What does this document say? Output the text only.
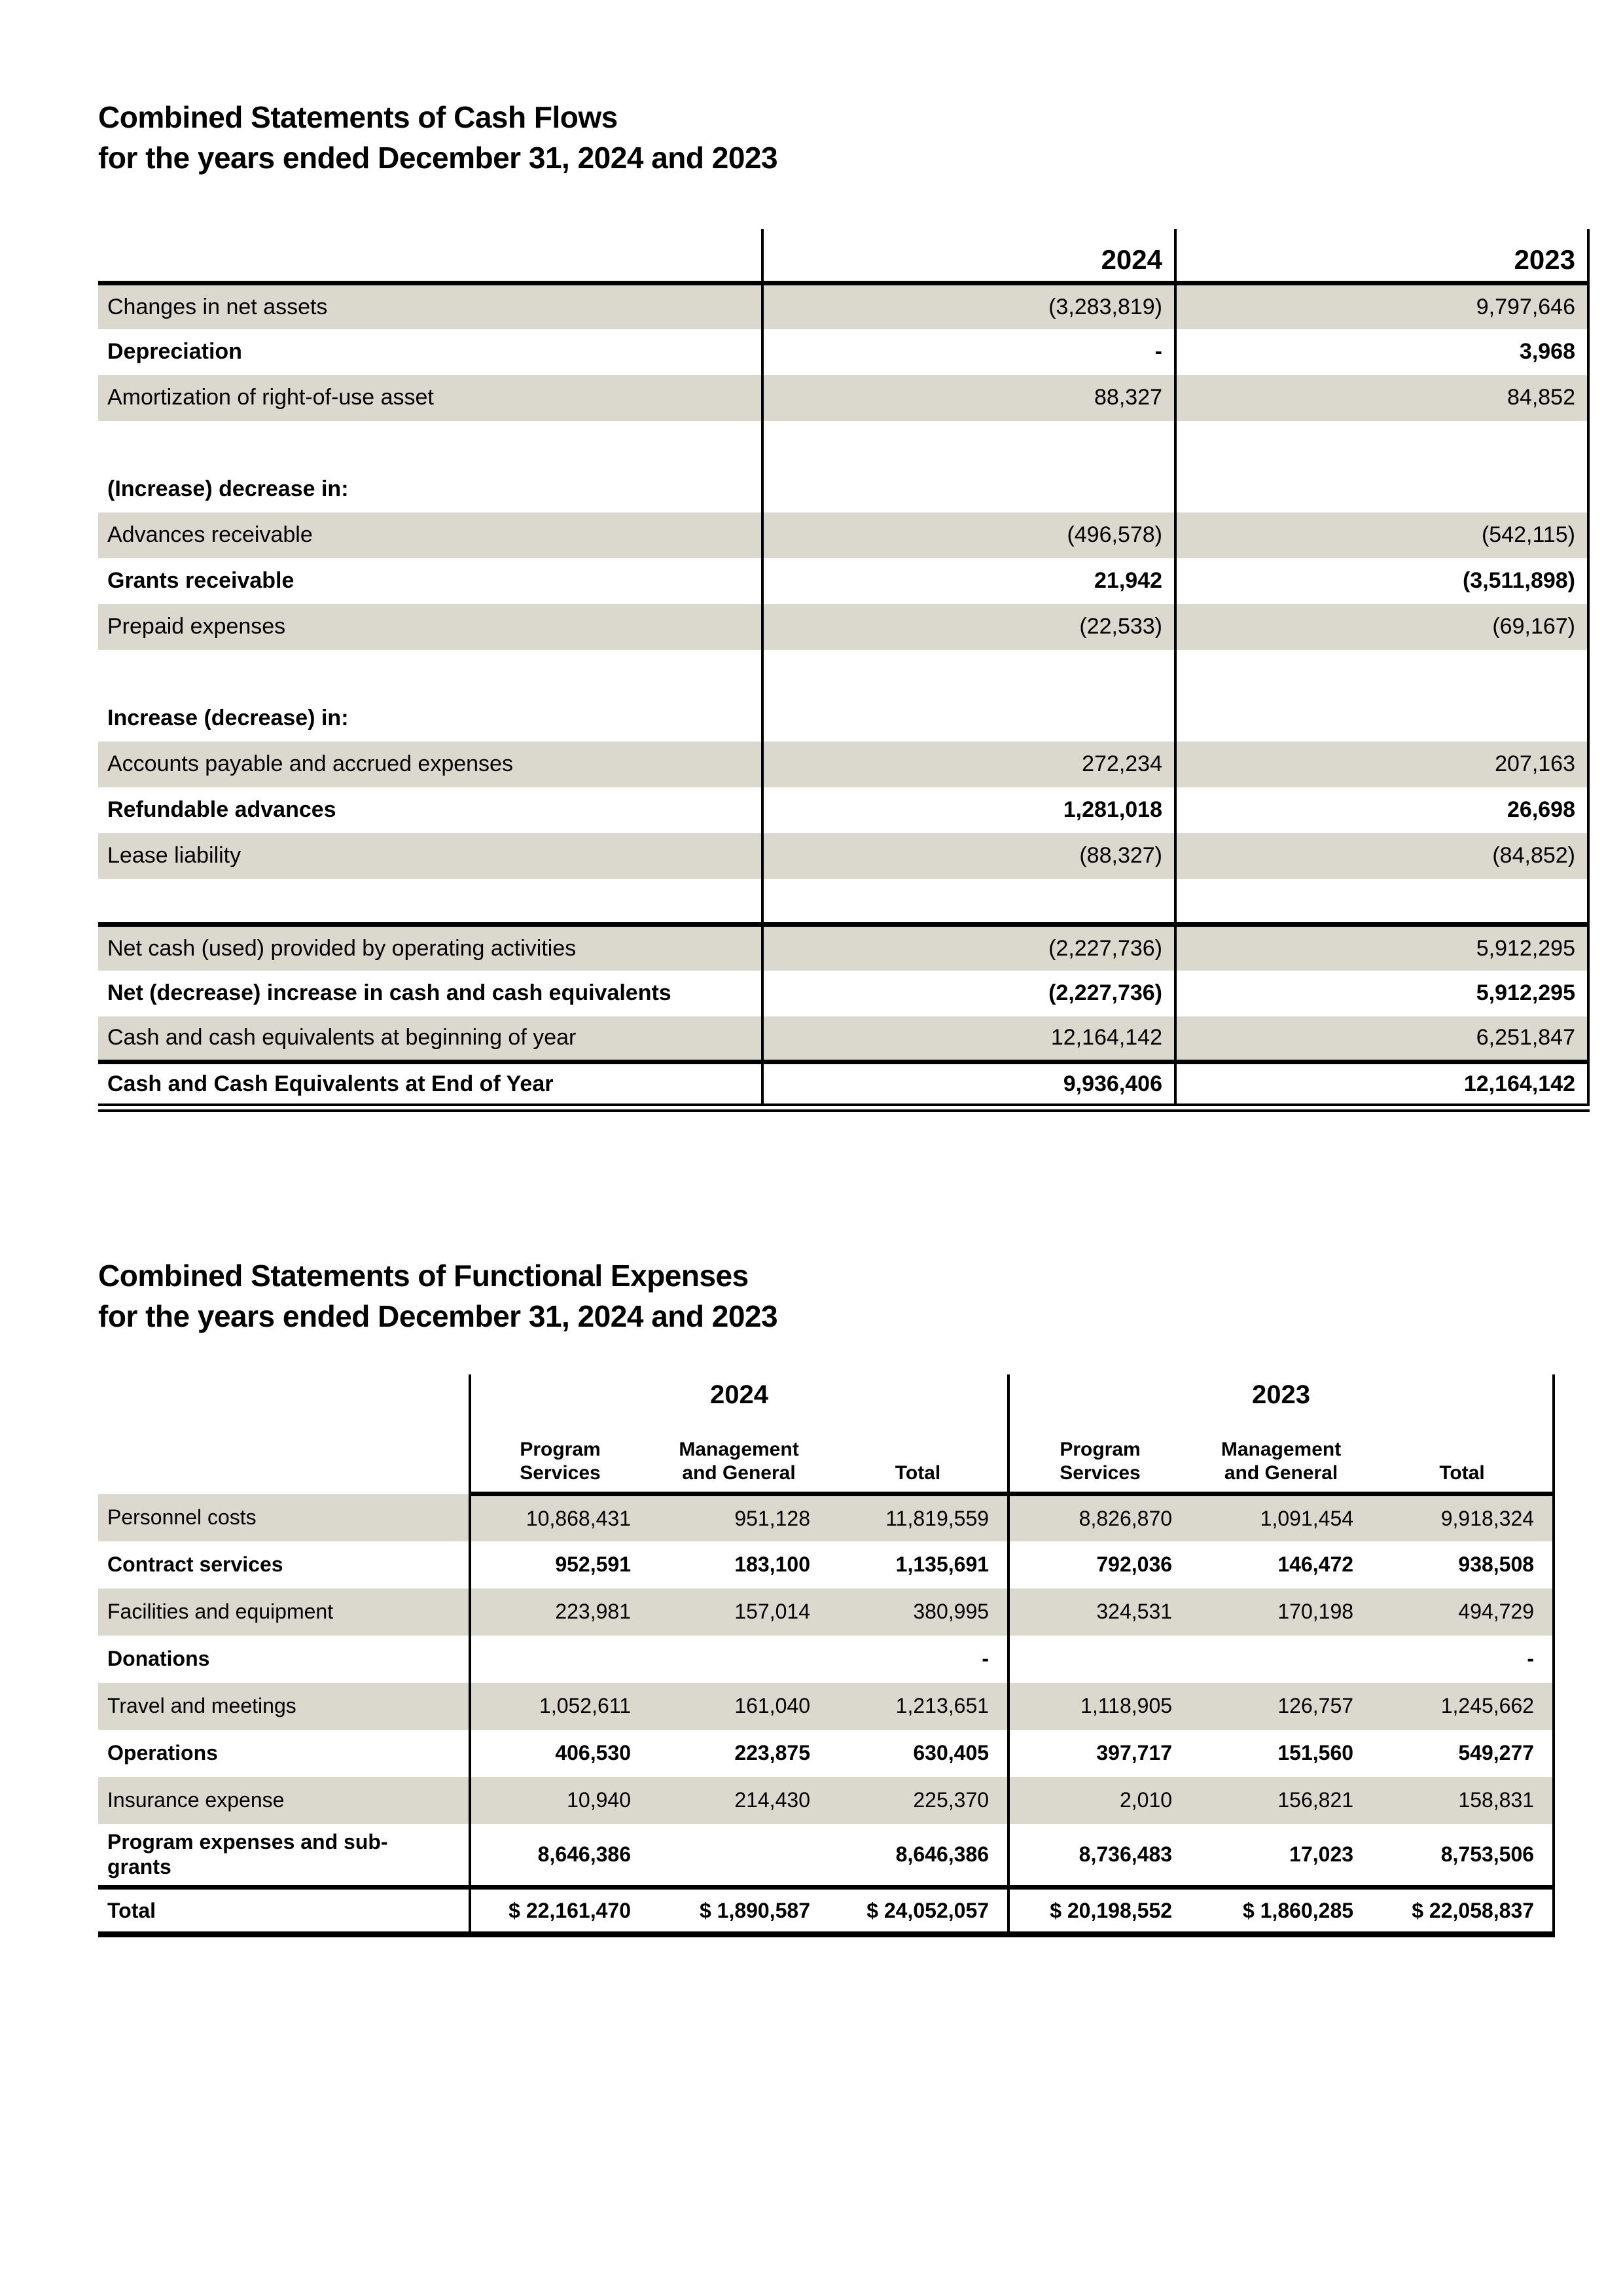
Combined Statements of Cash Flows
for the years ended December 31, 2024 and 2023
	2024	2023
Changes in net assets	(3,283,819)	9,797,646
Depreciation	-	3,968
Amortization of right-of-use asset	88,327	84,852

(Increase) decrease in:		
Advances receivable	(496,578)	(542,115)
Grants receivable	21,942	(3,511,898)
Prepaid expenses	(22,533)	(69,167)

Increase (decrease) in:		
Accounts payable and accrued expenses	272,234	207,163
Refundable advances	1,281,018	26,698
Lease liability	(88,327)	(84,852)

Net cash (used) provided by operating activities	(2,227,736)	5,912,295
Net (decrease) increase in cash and cash equivalents	(2,227,736)	5,912,295
Cash and cash equivalents at beginning of year	12,164,142	6,251,847
Cash and Cash Equivalents at End of Year	9,936,406	12,164,142
Combined Statements of Functional Expenses
for the years ended December 31, 2024 and 2023
	2024			2023		
	Program Services	Management and General	Total	Program Services	Management and General	Total
Personnel costs	10,868,431	951,128	11,819,559	8,826,870	1,091,454	9,918,324
Contract services	952,591	183,100	1,135,691	792,036	146,472	938,508
Facilities and equipment	223,981	157,014	380,995	324,531	170,198	494,729
Donations			-			-
Travel and meetings	1,052,611	161,040	1,213,651	1,118,905	126,757	1,245,662
Operations	406,530	223,875	630,405	397,717	151,560	549,277
Insurance expense	10,940	214,430	225,370	2,010	156,821	158,831
Program expenses and sub-grants	8,646,386		8,646,386	8,736,483	17,023	8,753,506
Total	$ 22,161,470	$ 1,890,587	$ 24,052,057	$ 20,198,552	$ 1,860,285	$ 22,058,837
